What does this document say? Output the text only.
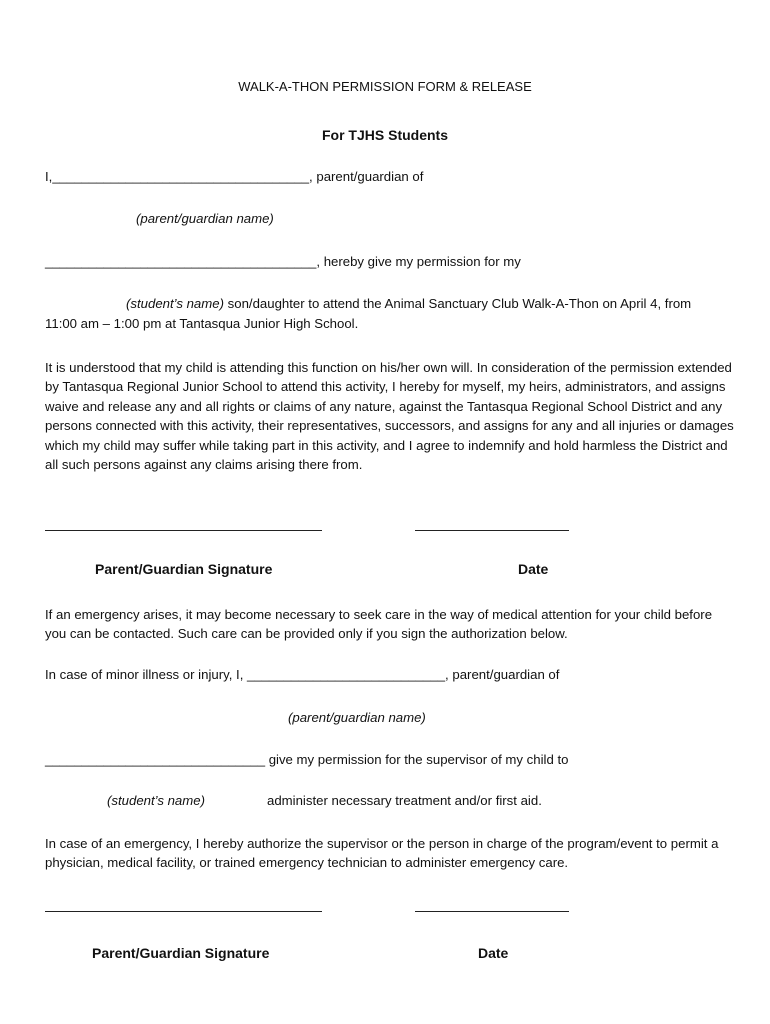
WALK-A-THON PERMISSION FORM & RELEASE
For TJHS Students
I,___________________________________, parent/guardian of
(parent/guardian name)
_____________________________________, hereby give my permission for my
(student’s name) son/daughter to attend the Animal Sanctuary Club Walk-A-Thon on April 4, from
11:00 am – 1:00 pm at Tantasqua Junior High School.
It is understood that my child is attending this function on his/her own will. In consideration of the permission extended by Tantasqua Regional Junior School to attend this activity, I hereby for myself, my heirs, administrators, and assigns waive and release any and all rights or claims of any nature, against the Tantasqua Regional School District and any persons connected with this activity, their representatives, successors, and assigns for any and all injuries or damages which my child may suffer while taking part in this activity, and I agree to indemnify and hold harmless the District and all such persons against any claims arising there from.
Parent/Guardian Signature	Date
If an emergency arises, it may become necessary to seek care in the way of medical attention for your child before you can be contacted. Such care can be provided only if you sign the authorization below.
In case of minor illness or injury, I, ___________________________, parent/guardian of
(parent/guardian name)
______________________________ give my permission for the supervisor of my child to
(student’s name)	administer necessary treatment and/or first aid.
In case of an emergency, I hereby authorize the supervisor or the person in charge of the program/event to permit a physician, medical facility, or trained emergency technician to administer emergency care.
Parent/Guardian Signature	Date
